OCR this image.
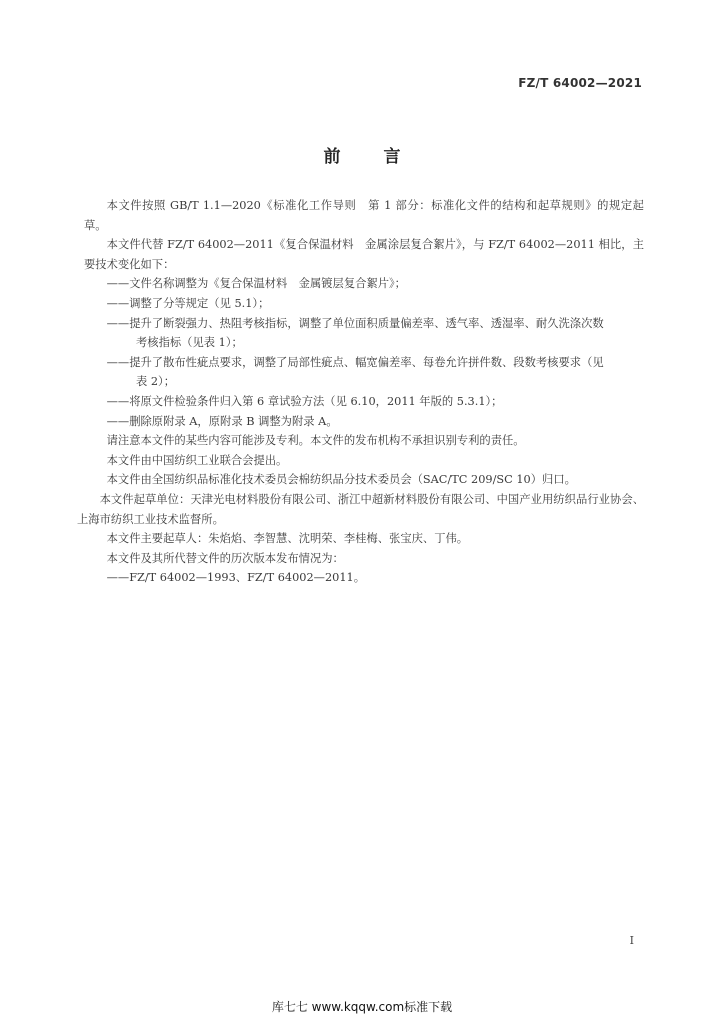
FZ/T 64002—2021
前	言

本文件按照 GB/T 1.1—2020《标准化工作导则　第 1 部分：标准化文件的结构和起草规则》的规定起草。

本文件代替 FZ/T 64002—2011《复合保温材料　金属涂层复合絮片》，与 FZ/T 64002—2011 相比，主要技术变化如下：

——文件名称调整为《复合保温材料　金属镀层复合絮片》；

——调整了分等规定（见 5.1）；

——提升了断裂强力、热阻考核指标，调整了单位面积质量偏差率、透气率、透湿率、耐久洗涤次数
考核指标（见表 1）；

——提升了散布性疵点要求，调整了局部性疵点、幅宽偏差率、每卷允许拼件数、段数考核要求（见
表 2）；

——将原文件检验条件归入第 6 章试验方法（见 6.10，2011 年版的 5.3.1）；

——删除原附录 A，原附录 B 调整为附录 A。

请注意本文件的某些内容可能涉及专利。本文件的发布机构不承担识别专利的责任。

本文件由中国纺织工业联合会提出。

本文件由全国纺织品标准化技术委员会棉纺织品分技术委员会（SAC/TC 209/SC 10）归口。

本文件起草单位：天津光电材料股份有限公司、浙江中超新材料股份有限公司、中国产业用纺织品行业协会、上海市纺织工业技术监督所。

本文件主要起草人：朱焰焰、李智慧、沈明荣、李桂梅、张宝庆、丁伟。

本文件及其所代替文件的历次版本发布情况为：

——FZ/T 64002—1993、FZ/T 64002—2011。

I
库七七 www.kqqw.com标准下载
